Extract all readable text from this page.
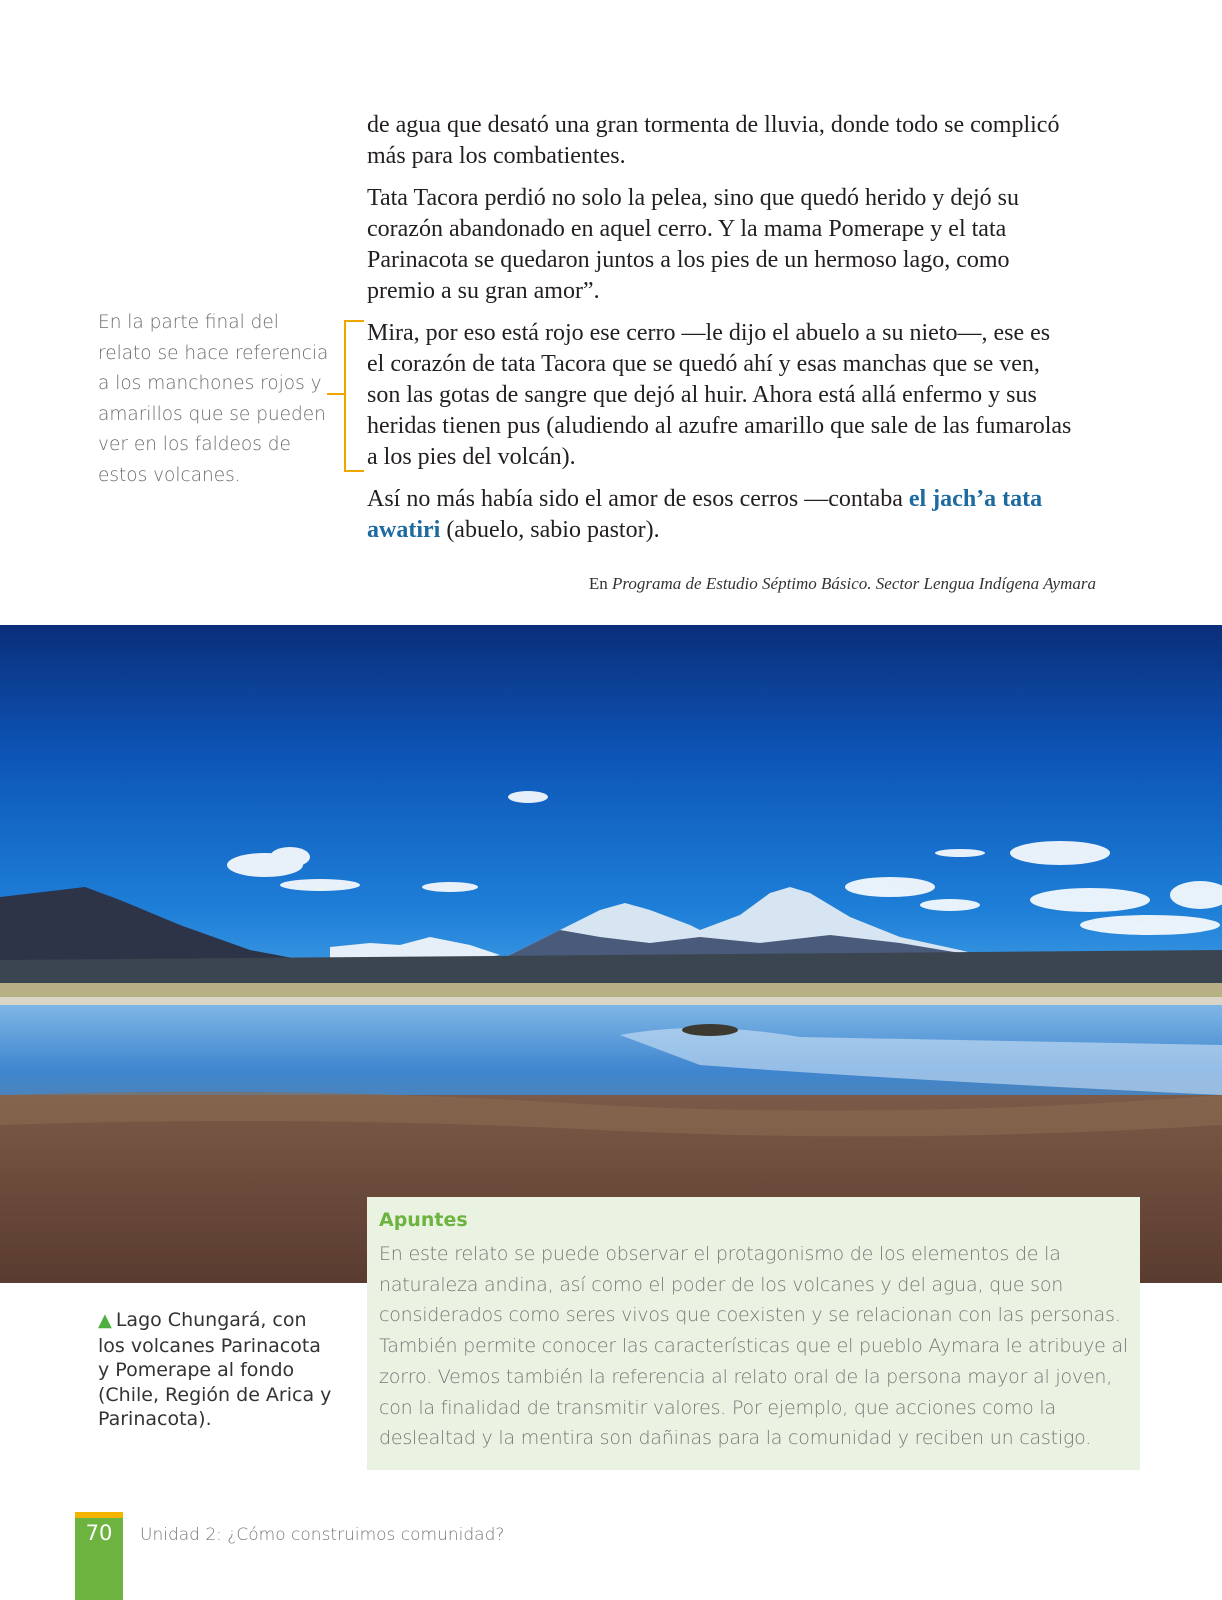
de agua que desató una gran tormenta de lluvia, donde todo se complicó más para los combatientes.

Tata Tacora perdió no solo la pelea, sino que quedó herido y dejó su corazón abandonado en aquel cerro. Y la mama Pomerape y el tata Parinacota se quedaron juntos a los pies de un hermoso lago, como premio a su gran amor”.

Mira, por eso está rojo ese cerro —le dijo el abuelo a su nieto—, ese es el corazón de tata Tacora que se quedó ahí y esas manchas que se ven, son las gotas de sangre que dejó al huir. Ahora está allá enfermo y sus heridas tienen pus (aludiendo al azufre amarillo que sale de las fumarolas a los pies del volcán).

Así no más había sido el amor de esos cerros —contaba el jach’a tata awatiri (abuelo, sabio pastor).

En Programa de Estudio Séptimo Básico. Sector Lengua Indígena Aymara
En la parte final del relato se hace referencia a los manchones rojos y amarillos que se pueden ver en los faldeos de estos volcanes.
▲ Lago Chungará, con los volcanes Parinacota y Pomerape al fondo (Chile, Región de Arica y Parinacota).
Apuntes
En este relato se puede observar el protagonismo de los elementos de la naturaleza andina, así como el poder de los volcanes y del agua, que son considerados como seres vivos que coexisten y se relacionan con las personas. También permite conocer las características que el pueblo Aymara le atribuye al zorro. Vemos también la referencia al relato oral de la persona mayor al joven, con la finalidad de transmitir valores. Por ejemplo, que acciones como la deslealtad y la mentira son dañinas para la comunidad y reciben un castigo.
70	Unidad 2: ¿Cómo construimos comunidad?
